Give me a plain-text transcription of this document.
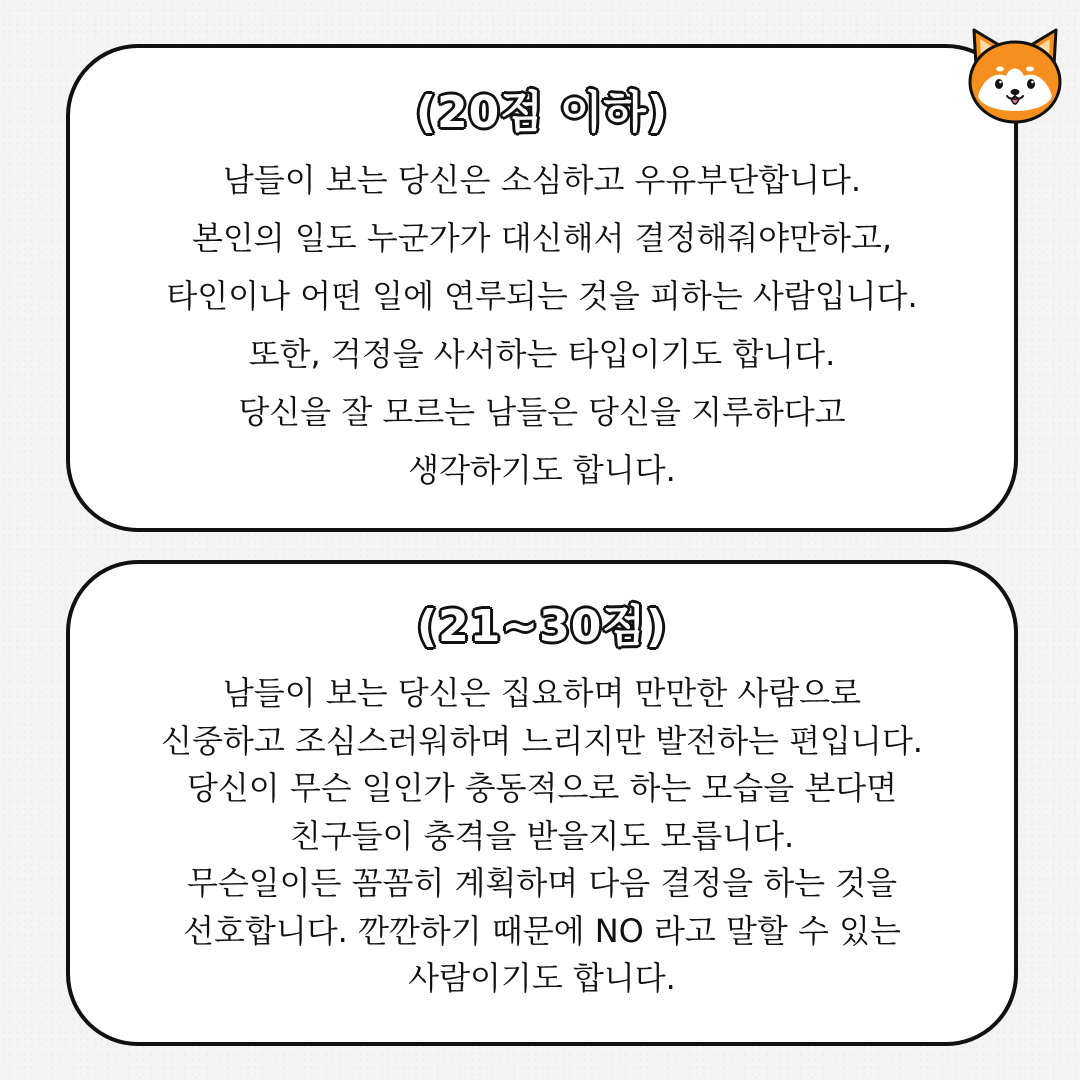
(20점 이하)
남들이 보는 당신은 소심하고 우유부단합니다.
본인의 일도 누군가가 대신해서 결정해줘야만하고,
타인이나 어떤 일에 연루되는 것을 피하는 사람입니다.
또한, 걱정을 사서하는 타입이기도 합니다.
당신을 잘 모르는 남들은 당신을 지루하다고
생각하기도 합니다.
(21~30점)
남들이 보는 당신은 집요하며 만만한 사람으로
신중하고 조심스러워하며 느리지만 발전하는 편입니다.
당신이 무슨 일인가 충동적으로 하는 모습을 본다면
친구들이 충격을 받을지도 모릅니다.
무슨일이든 꼼꼼히 계획하며 다음 결정을 하는 것을
선호합니다. 깐깐하기 때문에 NO 라고 말할 수 있는
사람이기도 합니다.
